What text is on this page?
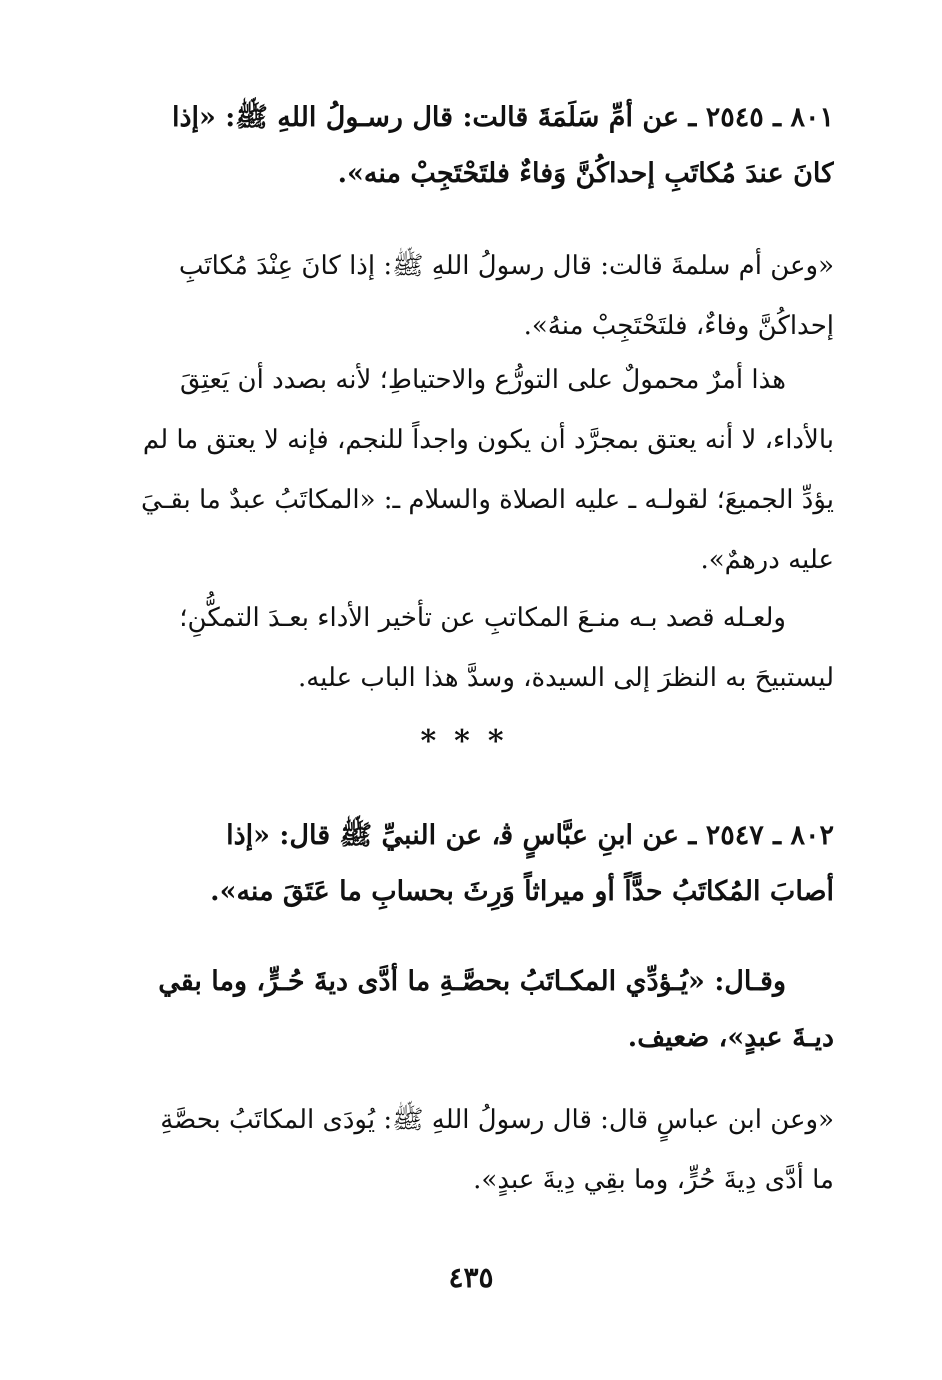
٨٠١ ـ ٢٥٤٥ ـ عن أمِّ سَلَمَةَ قالت: قال رسـولُ اللهِ ﷺ: «إذا
كانَ عندَ مُكاتَبِ إحداكُنَّ وَفاءٌ فلتَحْتَجِبْ منه».
«وعن أم سلمةَ قالت: قال رسولُ اللهِ ﷺ: إذا كانَ عِنْدَ مُكاتَبِ
إحداكُنَّ وفاءٌ، فلتَحْتَجِبْ منهُ».
هذا أمرٌ محمولٌ على التورُّع والاحتياطِ؛ لأنه بصدد أن يَعتِقَ
بالأداء، لا أنه يعتق بمجرَّد أن يكون واجداً للنجم، فإنه لا يعتق ما لم
يؤدِّ الجميعَ؛ لقولـه ـ عليه الصلاة والسلام ـ: «المكاتَبُ عبدٌ ما بقـيَ
عليه درهمٌ».
ولعـله قصد بـه منـعَ المكاتبِ عن تأخير الأداء بعـدَ التمكُّنِ؛
ليستبيحَ به النظرَ إلى السيدة، وسدَّ هذا الباب عليه.
***
٨٠٢ ـ ٢٥٤٧ ـ عن ابنِ عبَّاسٍ ﭬ، عن النبيِّ ﷺ قال: «إذا
أصابَ المُكاتَبُ حدًّاً أو ميراثاً وَرِثَ بحسابِ ما عَتَقَ منه».
وقـال: «يُـؤدِّي المكـاتَبُ بحصَّـةِ ما أدَّى ديةَ حُـرٍّ، وما بقي
ديـةَ عبدٍ»، ضعيف.
«وعن ابن عباسٍ قال: قال رسولُ اللهِ ﷺ: يُودَى المكاتَبُ بحصَّةِ
ما أدَّى دِيةَ حُرٍّ، وما بقِي دِيةَ عبدٍ».
٤٣٥
